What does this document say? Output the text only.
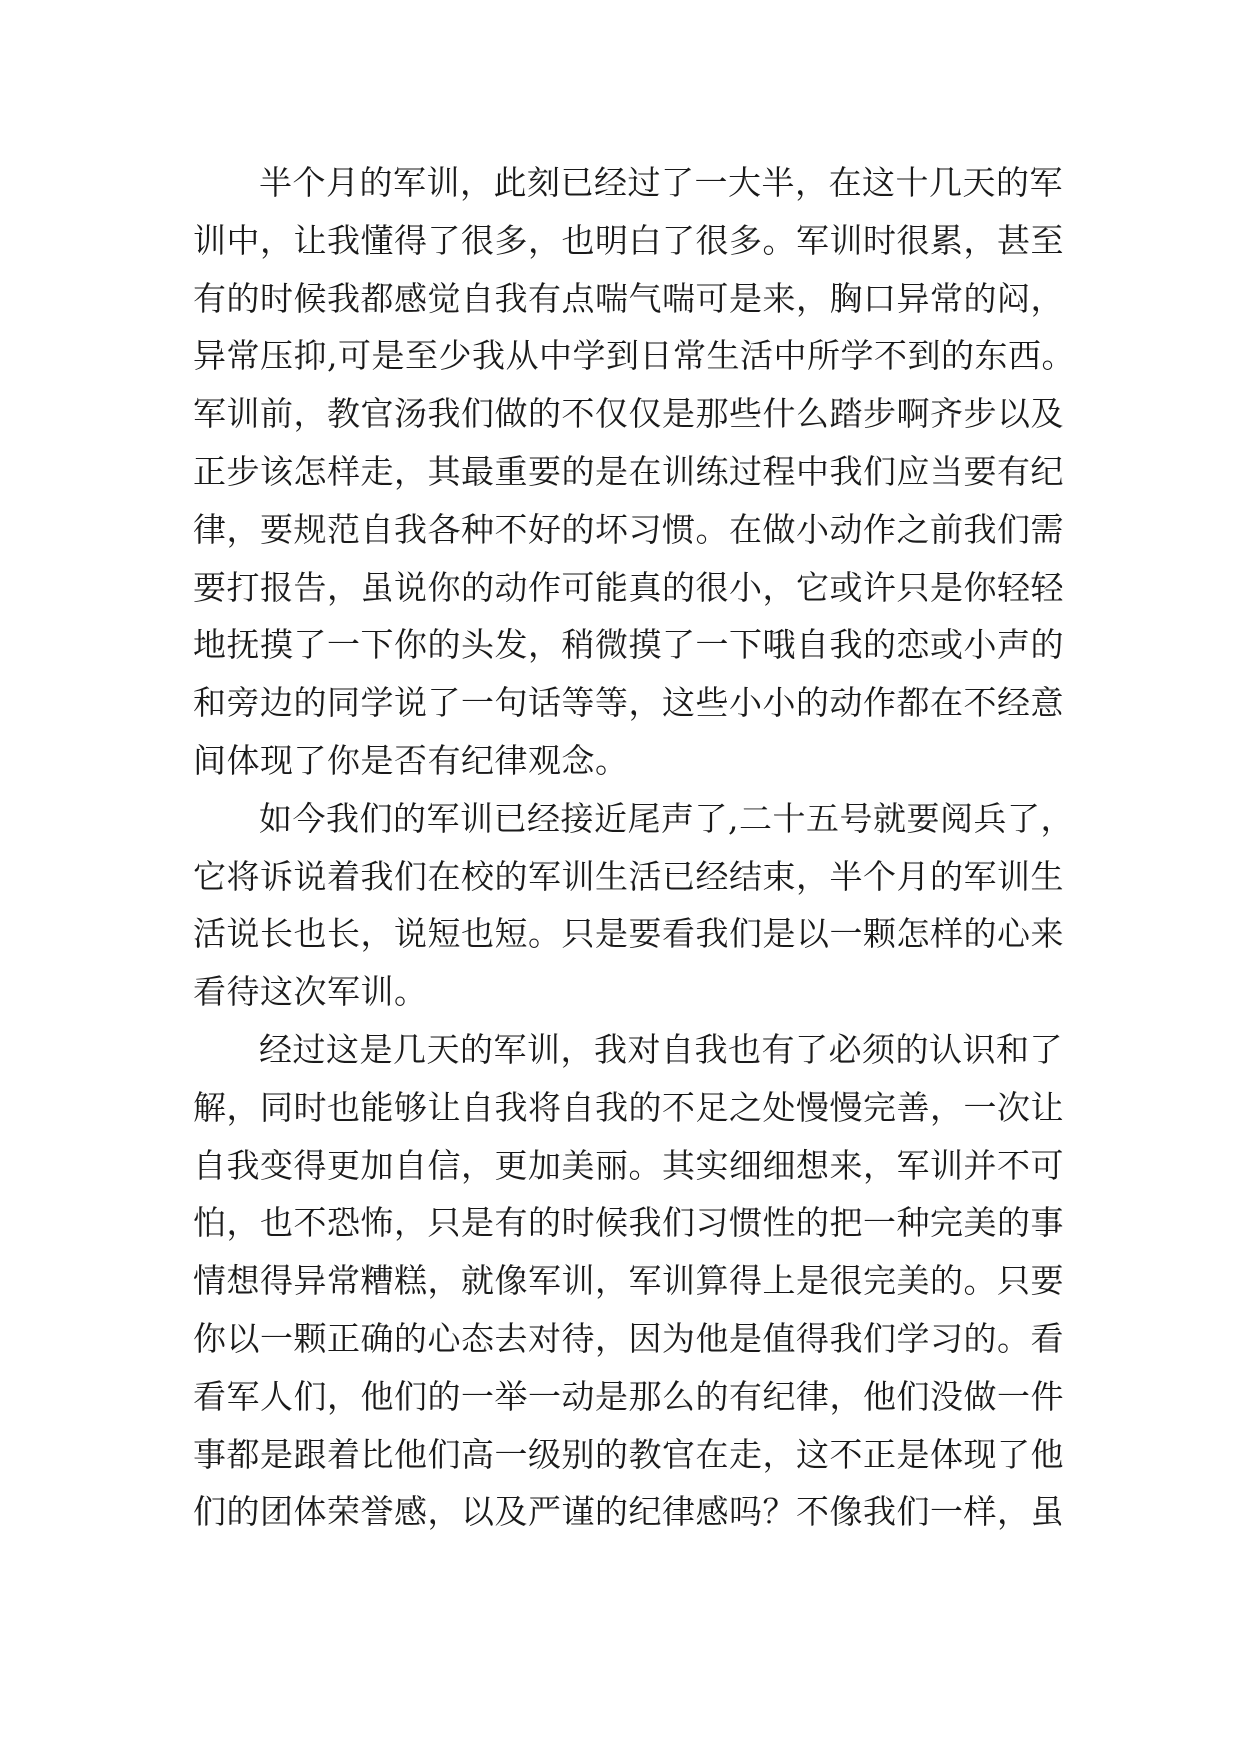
半个月的军训，此刻已经过了一大半，在这十几天的军
训中，让我懂得了很多，也明白了很多。军训时很累，甚至
有的时候我都感觉自我有点喘气喘可是来，胸口异常的闷，
异常压抑,可是至少我从中学到日常生活中所学不到的东西。
军训前，教官汤我们做的不仅仅是那些什么踏步啊齐步以及
正步该怎样走，其最重要的是在训练过程中我们应当要有纪
律，要规范自我各种不好的坏习惯。在做小动作之前我们需
要打报告，虽说你的动作可能真的很小，它或许只是你轻轻
地抚摸了一下你的头发，稍微摸了一下哦自我的恋或小声的
和旁边的同学说了一句话等等，这些小小的动作都在不经意
间体现了你是否有纪律观念。

如今我们的军训已经接近尾声了,二十五号就要阅兵了，
它将诉说着我们在校的军训生活已经结束，半个月的军训生
活说长也长，说短也短。只是要看我们是以一颗怎样的心来
看待这次军训。

经过这是几天的军训，我对自我也有了必须的认识和了
解，同时也能够让自我将自我的不足之处慢慢完善，一次让
自我变得更加自信，更加美丽。其实细细想来，军训并不可
怕，也不恐怖，只是有的时候我们习惯性的把一种完美的事
情想得异常糟糕，就像军训，军训算得上是很完美的。只要
你以一颗正确的心态去对待，因为他是值得我们学习的。看
看军人们，他们的一举一动是那么的有纪律，他们没做一件
事都是跟着比他们高一级别的教官在走，这不正是体现了他
们的团体荣誉感，以及严谨的纪律感吗？不像我们一样，虽
